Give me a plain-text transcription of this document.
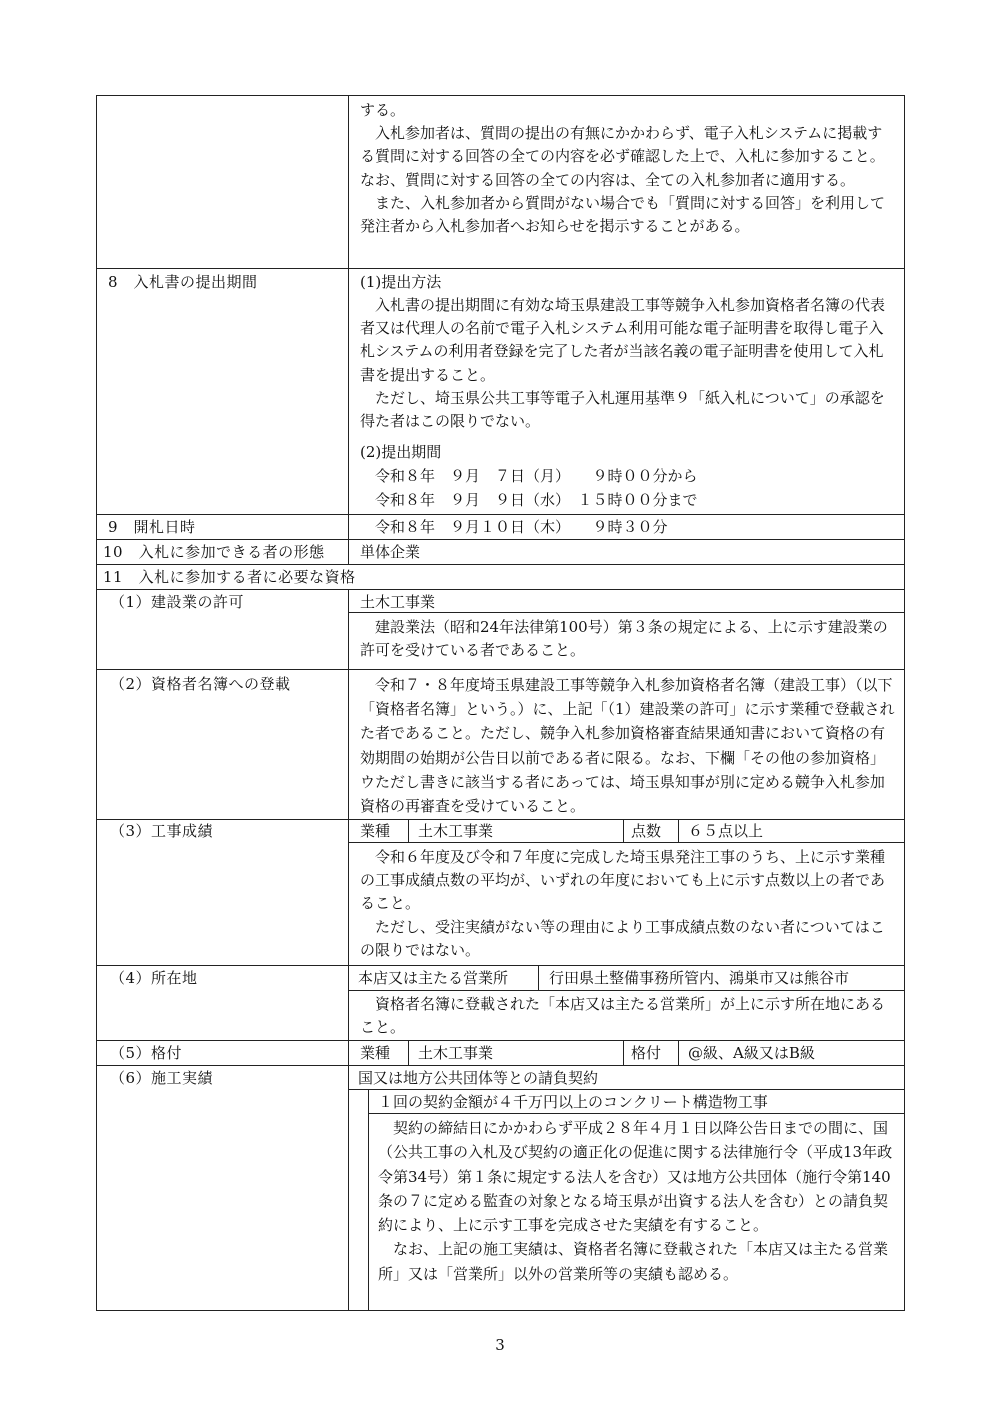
する。
　入札参加者は、質問の提出の有無にかかわらず、電子入札システムに掲載する質問に対する回答の全ての内容を必ず確認した上で、入札に参加すること。なお、質問に対する回答の全ての内容は、全ての入札参加者に適用する。
　また、入札参加者から質問がない場合でも「質問に対する回答」を利用して発注者から入札参加者へお知らせを掲示することがある。
8　入札書の提出期間	(1)提出方法
　入札書の提出期間に有効な埼玉県建設工事等競争入札参加資格者名簿の代表者又は代理人の名前で電子入札システム利用可能な電子証明書を取得し電子入札システムの利用者登録を完了した者が当該名義の電子証明書を使用して入札書を提出すること。
　ただし、埼玉県公共工事等電子入札運用基準９「紙入札について」の承認を得た者はこの限りでない。
(2)提出期間
　令和８年　９月　７日（月）　　９時００分から
　令和８年　９月　９日（水）　１５時００分まで
9　開札日時	　令和８年　９月１０日（木）　　９時３０分
10　入札に参加できる者の形態 単体企業
11　入札に参加する者に必要な資格
（1）建設業の許可	土木工事業
　建設業法（昭和24年法律第100号）第３条の規定による、上に示す建設業の許可を受けている者であること。
（2）資格者名簿への登載	　令和７・８年度埼玉県建設工事等競争入札参加資格者名簿（建設工事）（以下「資格者名簿」という。）に、上記「（1）建設業の許可」に示す業種で登載された者であること。ただし、競争入札参加資格審査結果通知書において資格の有効期間の始期が公告日以前である者に限る。なお、下欄「その他の参加資格」ウただし書きに該当する者にあっては、埼玉県知事が別に定める競争入札参加資格の再審査を受けていること。
（3）工事成績	業種 土木工事業	点数 ６５点以上
　令和６年度及び令和７年度に完成した埼玉県発注工事のうち、上に示す業種の工事成績点数の平均が、いずれの年度においても上に示す点数以上の者であること。
　ただし、受注実績がない等の理由により工事成績点数のない者についてはこの限りではない。
（4）所在地	本店又は主たる営業所	行田県土整備事務所管内、鴻巣市又は熊谷市
　資格者名簿に登載された「本店又は主たる営業所」が上に示す所在地にあること。
（5）格付	業種 土木工事業	格付 @級、A級又はB級
（6）施工実績	国又は地方公共団体等との請負契約
１回の契約金額が４千万円以上のコンクリート構造物工事
　契約の締結日にかかわらず平成２８年４月１日以降公告日までの間に、国（公共工事の入札及び契約の適正化の促進に関する法律施行令（平成13年政令第34号）第１条に規定する法人を含む）又は地方公共団体（施行令第140条の７に定める監査の対象となる埼玉県が出資する法人を含む）との請負契約により、上に示す工事を完成させた実績を有すること。
　なお、上記の施工実績は、資格者名簿に登載された「本店又は主たる営業所」又は「営業所」以外の営業所等の実績も認める。
3
